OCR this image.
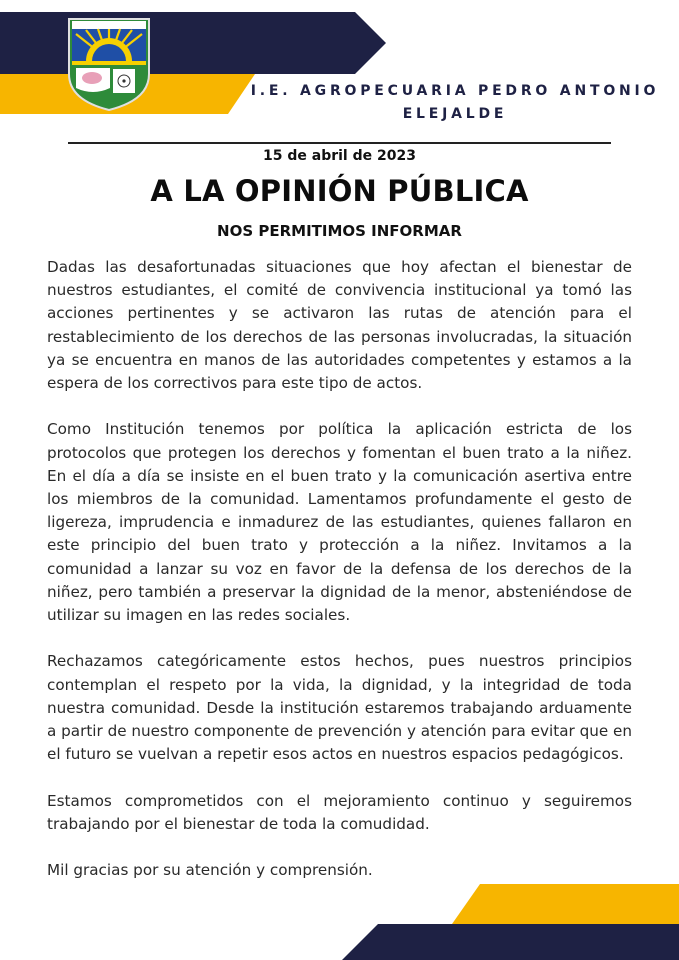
I.E. AGROPECUARIA PEDRO ANTONIO ELEJALDE
15 de abril de 2023
A LA OPINIÓN PÚBLICA
NOS PERMITIMOS INFORMAR

Dadas las desafortunadas situaciones que hoy afectan el bienestar de nuestros estudiantes, el comité de convivencia institucional ya tomó las acciones pertinentes y se activaron las rutas de atención para el restablecimiento de los derechos de las personas involucradas, la situación ya se encuentra en manos de las autoridades competentes y estamos a la espera de los correctivos para este tipo de actos.

Como Institución tenemos por política la aplicación estricta de los protocolos que protegen los derechos y fomentan el buen trato a la niñez. En el día a día se insiste en el buen trato y la comunicación asertiva entre los miembros de la comunidad. Lamentamos profundamente el gesto de ligereza, imprudencia e inmadurez de las estudiantes, quienes fallaron en este principio del buen trato y protección a la niñez. Invitamos a la comunidad a lanzar su voz en favor de la defensa de los derechos de la niñez, pero también a preservar la dignidad de la menor, absteniéndose de utilizar su imagen en las redes sociales.

Rechazamos categóricamente estos hechos, pues nuestros principios contemplan el respeto por la vida, la dignidad, y la integridad de toda nuestra comunidad. Desde la institución estaremos trabajando arduamente a partir de nuestro componente de prevención y atención para evitar que en el futuro se vuelvan a repetir esos actos en nuestros espacios pedagógicos.

Estamos comprometidos con el mejoramiento continuo y seguiremos trabajando por el bienestar de toda la comudidad.

Mil gracias por su atención y comprensión.
